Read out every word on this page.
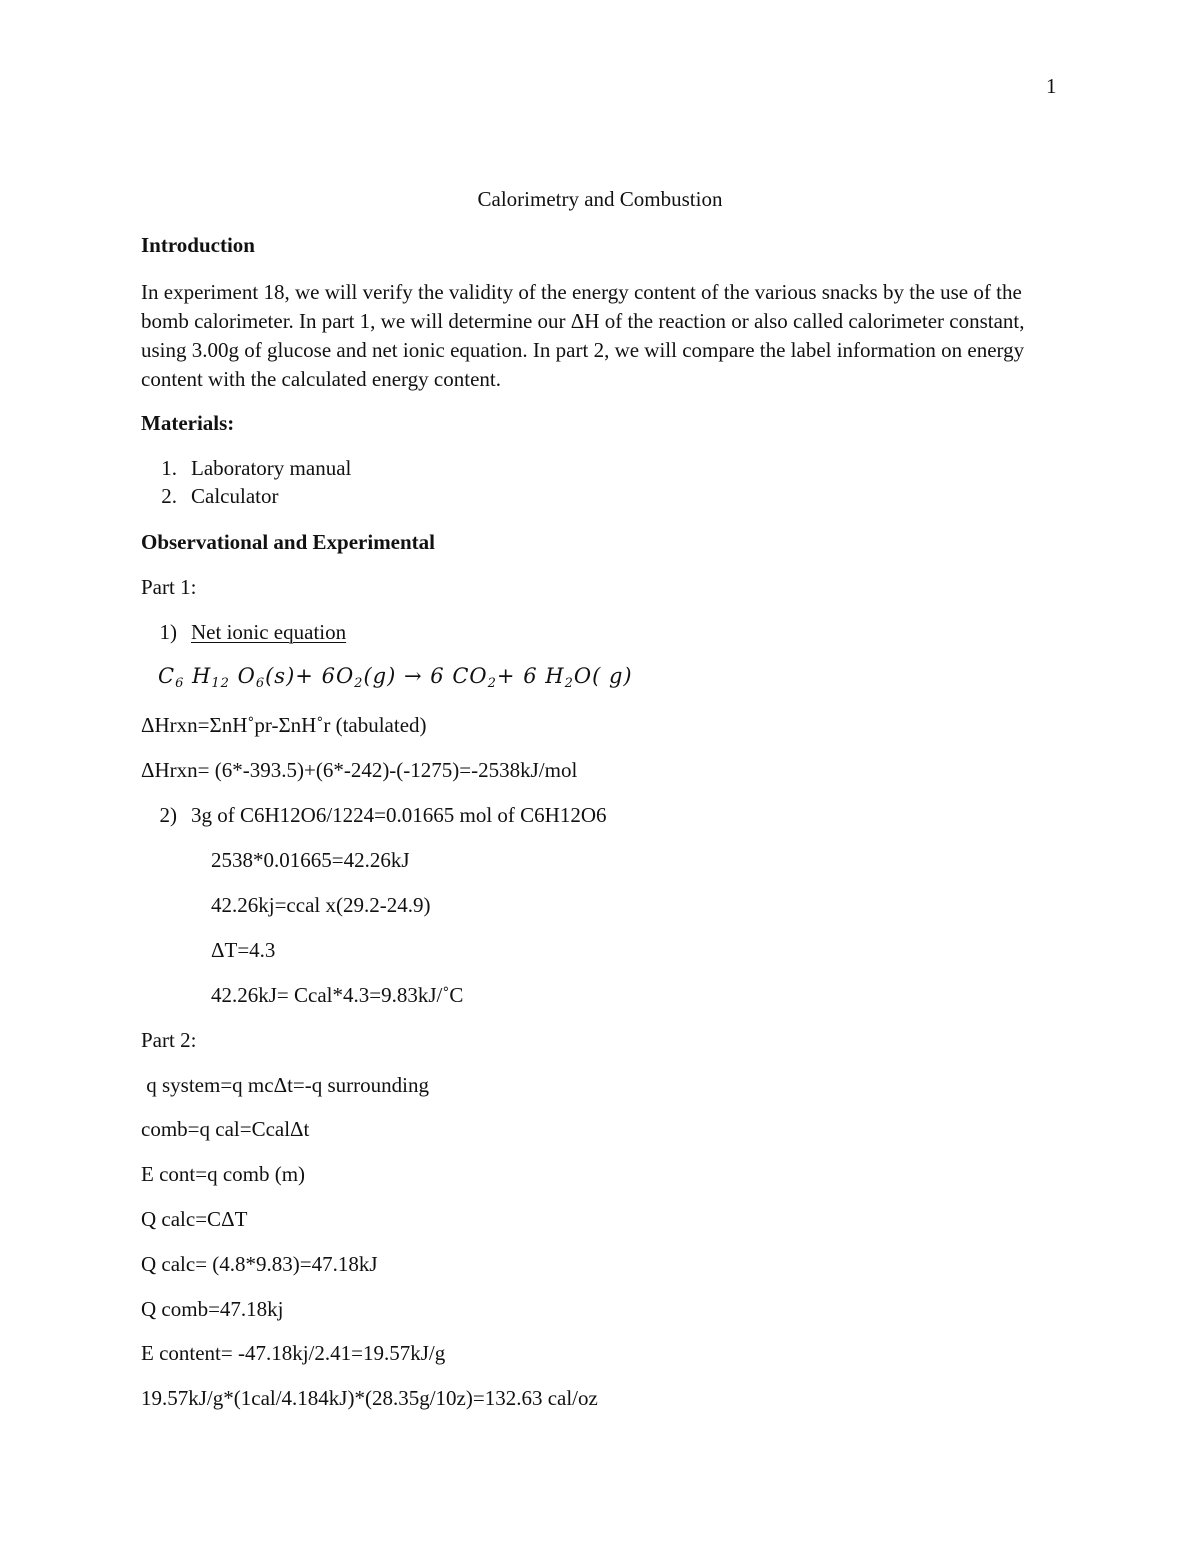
1
Calorimetry and Combustion
Introduction
In experiment 18, we will verify the validity of the energy content of the various snacks by the use of the bomb calorimeter. In part 1, we will determine our ΔH of the reaction or also called calorimeter constant, using 3.00g of glucose and net ionic equation. In part 2, we will compare the label information on energy content with the calculated energy content.
Materials:
1. Laboratory manual
2. Calculator
Observational and Experimental
Part 1:
1) Net ionic equation
$C_6$ $H_{12}$ $O_6(s)+ 6O_2(g) \to 6$ $CO_2+ 6$ $H_2O$( g)
ΔHrxn=ΣnH˚pr-ΣnH˚r (tabulated)
ΔHrxn= (6*-393.5)+(6*-242)-(-1275)=-2538kJ/mol
2) 3g of C6H12O6/1224=0.01665 mol of C6H12O6
2538*0.01665=42.26kJ
42.26kj=ccal x(29.2-24.9)
ΔT=4.3
42.26kJ= Ccal*4.3=9.83kJ/˚C
Part 2:
q system=q mcΔt=-q surrounding
comb=q cal=CcalΔt
E cont=q comb (m)
Q calc=CΔT
Q calc= (4.8*9.83)=47.18kJ
Q comb=47.18kj
E content= -47.18kj/2.41=19.57kJ/g
19.57kJ/g*(1cal/4.184kJ)*(28.35g/10z)=132.63 cal/oz
